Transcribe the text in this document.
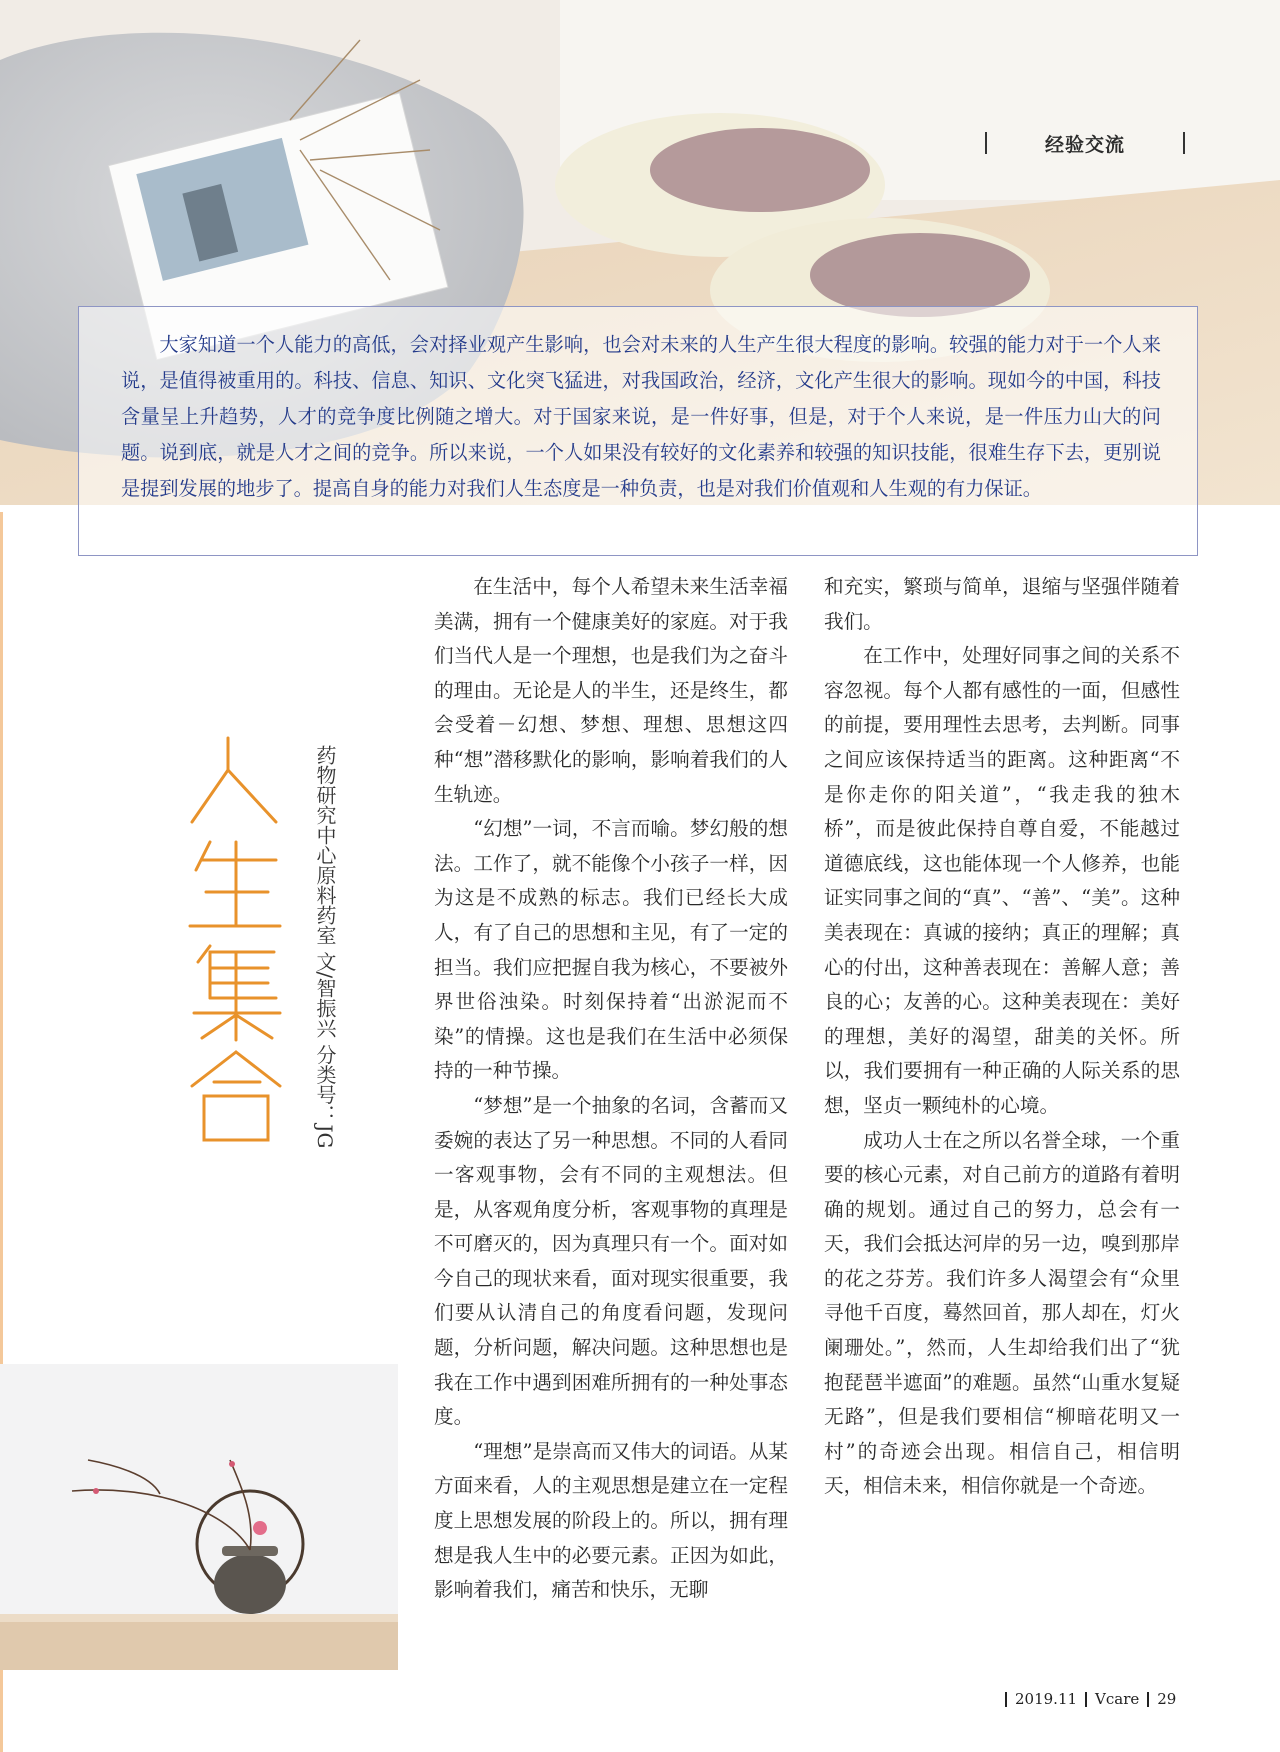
经验交流

大家知道一个人能力的高低，会对择业观产生影响，也会对未来的人生产生很大程度的影响。较强的能力对于一个人来说，是值得被重用的。科技、信息、知识、文化突飞猛进，对我国政治，经济，文化产生很大的影响。现如今的中国，科技含量呈上升趋势，人才的竞争度比例随之增大。对于国家来说，是一件好事，但是，对于个人来说，是一件压力山大的问题。说到底，就是人才之间的竞争。所以来说，一个人如果没有较好的文化素养和较强的知识技能，很难生存下去，更别说是提到发展的地步了。提高自身的能力对我们人生态度是一种负责，也是对我们价值观和人生观的有力保证。

药物研究中心原料药室 文/智振兴 分类号：JG

在生活中，每个人希望未来生活幸福美满，拥有一个健康美好的家庭。对于我们当代人是一个理想，也是我们为之奋斗的理由。无论是人的半生，还是终生，都会受着－幻想、梦想、理想、思想这四种“想”潜移默化的影响，影响着我们的人生轨迹。

“幻想”一词，不言而喻。梦幻般的想法。工作了，就不能像个小孩子一样，因为这是不成熟的标志。我们已经长大成人，有了自己的思想和主见，有了一定的担当。我们应把握自我为核心，不要被外界世俗浊染。时刻保持着“出淤泥而不染”的情操。这也是我们在生活中必须保持的一种节操。

“梦想”是一个抽象的名词，含蓄而又委婉的表达了另一种思想。不同的人看同一客观事物，会有不同的主观想法。但是，从客观角度分析，客观事物的真理是不可磨灭的，因为真理只有一个。面对如今自己的现状来看，面对现实很重要，我们要从认清自己的角度看问题，发现问题，分析问题，解决问题。这种思想也是我在工作中遇到困难所拥有的一种处事态度。

“理想”是崇高而又伟大的词语。从某方面来看，人的主观思想是建立在一定程度上思想发展的阶段上的。所以，拥有理想是我人生中的必要元素。正因为如此，影响着我们，痛苦和快乐，无聊

和充实，繁琐与简单，退缩与坚强伴随着我们。

在工作中，处理好同事之间的关系不容忽视。每个人都有感性的一面，但感性的前提，要用理性去思考，去判断。同事之间应该保持适当的距离。这种距离“不是你走你的阳关道”，“我走我的独木桥”，而是彼此保持自尊自爱，不能越过道德底线，这也能体现一个人修养，也能证实同事之间的“真”、“善”、“美”。这种美表现在：真诚的接纳；真正的理解；真心的付出，这种善表现在：善解人意；善良的心；友善的心。这种美表现在：美好的理想，美好的渴望，甜美的关怀。所以，我们要拥有一种正确的人际关系的思想，坚贞一颗纯朴的心境。

成功人士在之所以名誉全球，一个重要的核心元素，对自己前方的道路有着明确的规划。通过自己的努力，总会有一天，我们会抵达河岸的另一边，嗅到那岸的花之芬芳。我们许多人渴望会有“众里寻他千百度，蓦然回首，那人却在，灯火阑珊处。”，然而，人生却给我们出了“犹抱琵琶半遮面”的难题。虽然“山重水复疑无路”，但是我们要相信“柳暗花明又一村”的奇迹会出现。相信自己，相信明天，相信未来，相信你就是一个奇迹。

2019.11 Vcare 29
